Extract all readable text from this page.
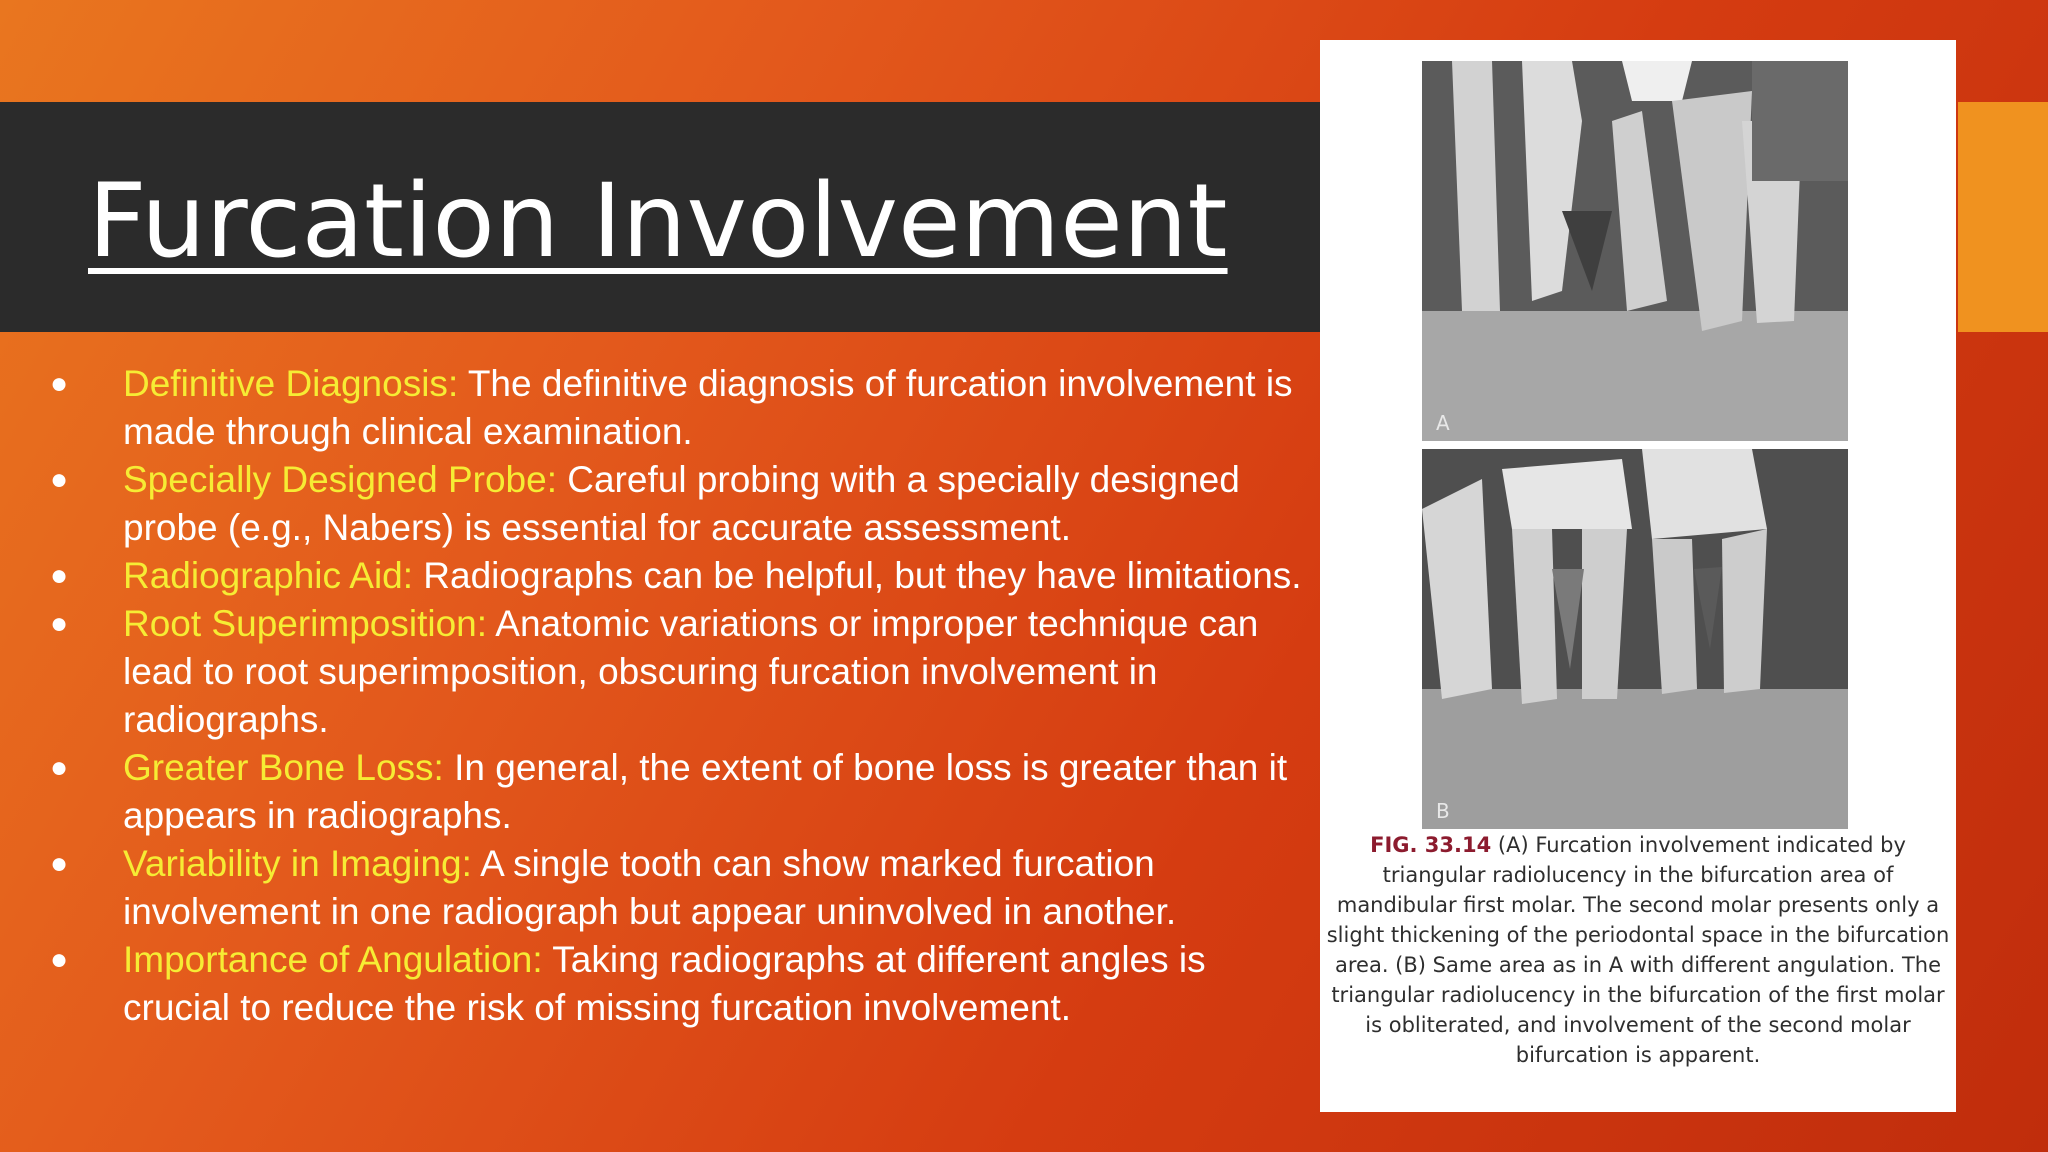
Furcation Involvement
●	Definitive Diagnosis: The definitive diagnosis of furcation involvement is made through clinical examination.
●	Specially Designed Probe: Careful probing with a specially designed probe (e.g., Nabers) is essential for accurate assessment.
●	Radiographic Aid: Radiographs can be helpful, but they have limitations.
●	Root Superimposition: Anatomic variations or improper technique can lead to root superimposition, obscuring furcation involvement in radiographs.
●	Greater Bone Loss: In general, the extent of bone loss is greater than it appears in radiographs.
●	Variability in Imaging: A single tooth can show marked furcation involvement in one radiograph but appear uninvolved in another.
●	Importance of Angulation: Taking radiographs at different angles is crucial to reduce the risk of missing furcation involvement.
A
B

FIG. 33.14 (A) Furcation involvement indicated by triangular radiolucency in the bifurcation area of mandibular first molar. The second molar presents only a slight thickening of the periodontal space in the bifurcation area. (B) Same area as in A with different angulation. The triangular radiolucency in the bifurcation of the first molar is obliterated, and involvement of the second molar bifurcation is apparent.
